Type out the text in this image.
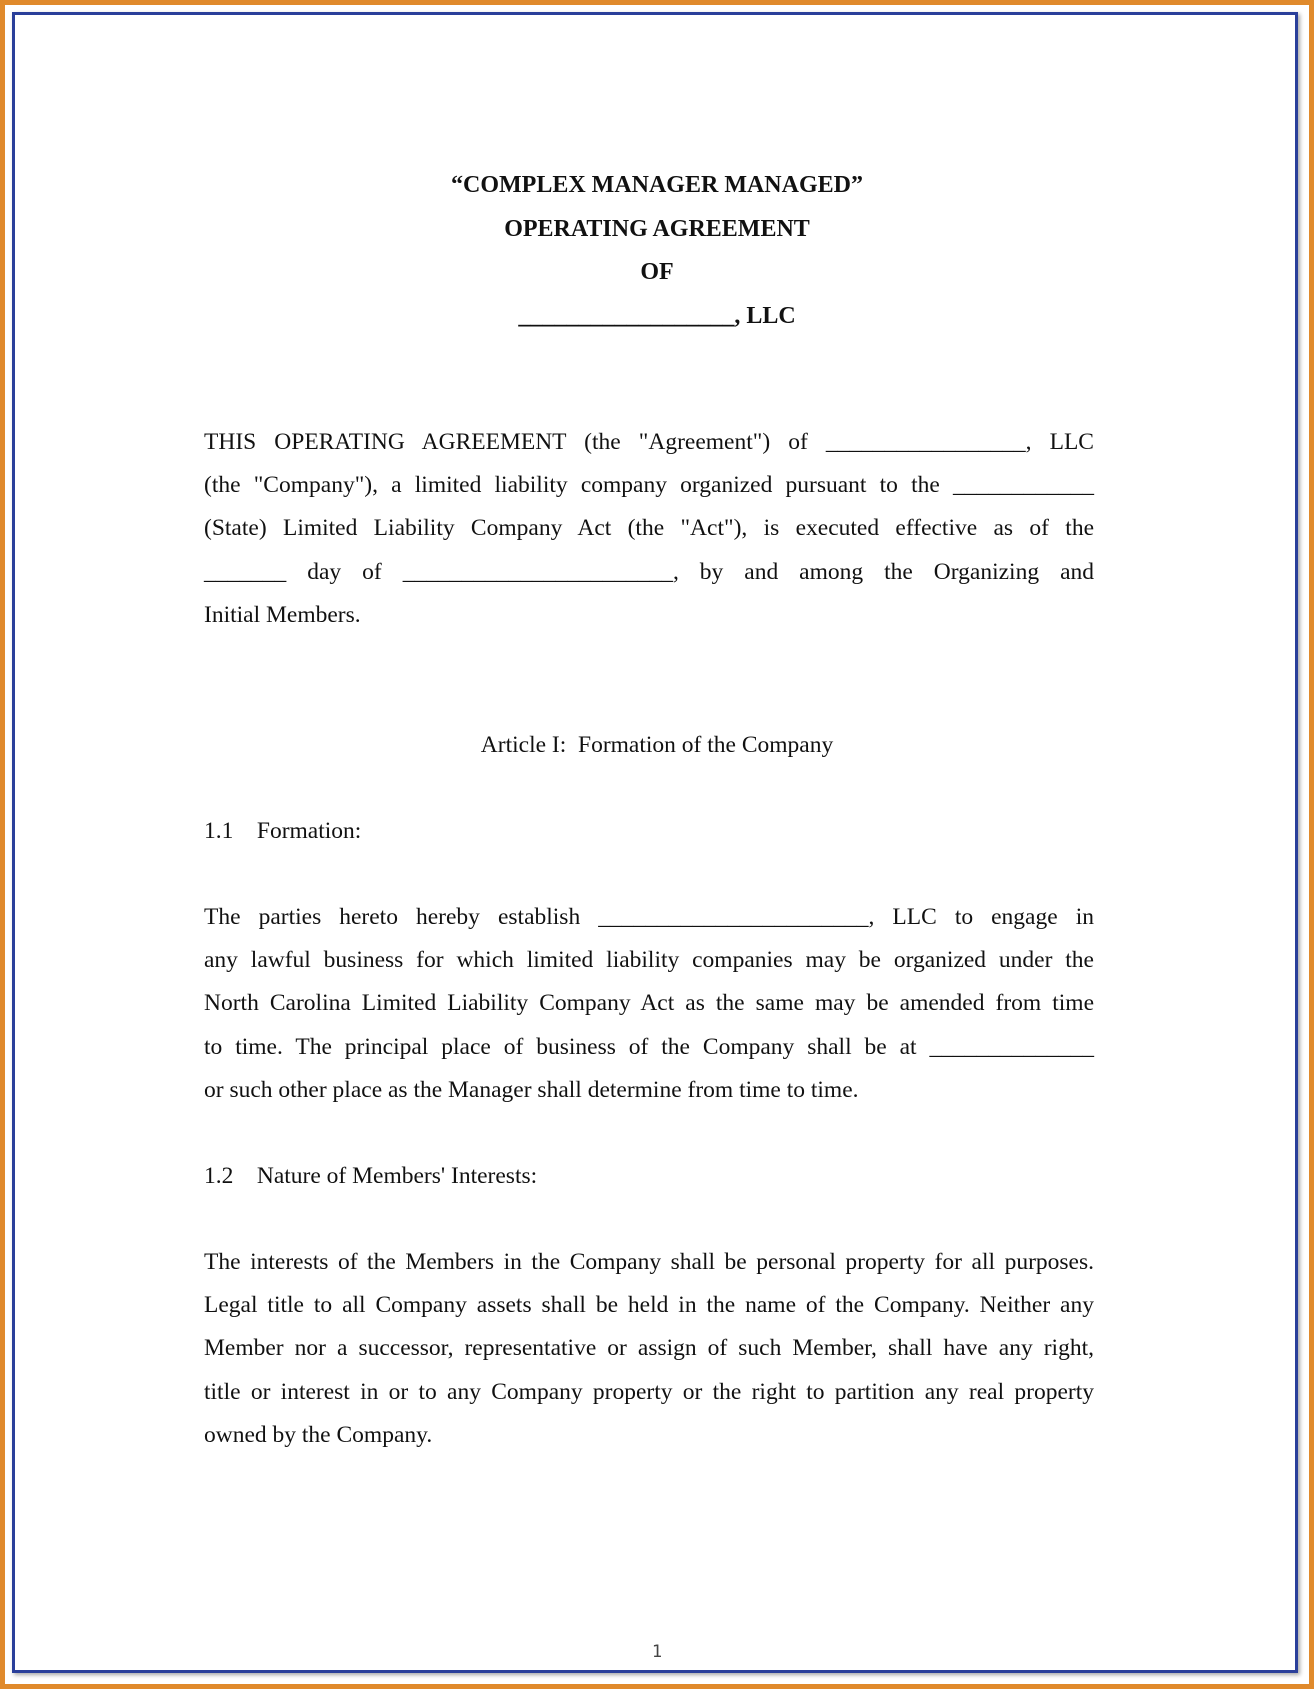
“COMPLEX MANAGER MANAGED”
OPERATING AGREEMENT
OF
__________________, LLC
THIS OPERATING AGREEMENT (the "Agreement") of _________________, LLC
(the "Company"), a limited liability company organized pursuant to the ____________
(State) Limited Liability Company Act (the "Act"), is executed effective as of the
_______ day of _______________________, by and among the Organizing and
Initial Members.
Article I:  Formation of the Company
1.1    Formation:
The parties hereto hereby establish _______________________, LLC to engage in
any lawful business for which limited liability companies may be organized under the
North Carolina Limited Liability Company Act as the same may be amended from time
to time. The principal place of business of the Company shall be at ______________
or such other place as the Manager shall determine from time to time.
1.2    Nature of Members' Interests:
The interests of the Members in the Company shall be personal property for all purposes.
Legal title to all Company assets shall be held in the name of the Company. Neither any
Member nor a successor, representative or assign of such Member, shall have any right,
title or interest in or to any Company property or the right to partition any real property
owned by the Company.
1
